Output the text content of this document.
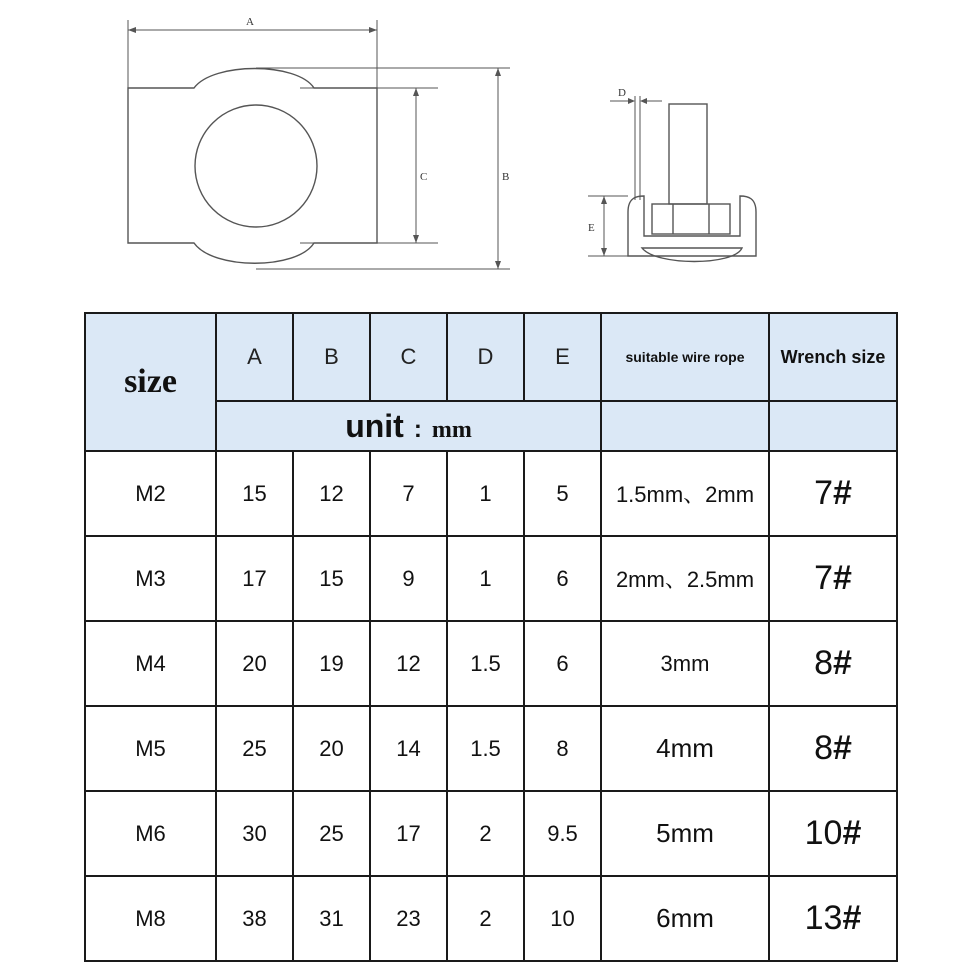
A
C	B
D
E
size	A	B	C	D	E	suitable wire rope	Wrench size
	unit : mm						
M2	15	12	7	1	5	1.5mm、2mm	7#
M3	17	15	9	1	6	2mm、2.5mm	7#
M4	20	19	12	1.5	6	3mm	8#
M5	25	20	14	1.5	8	4mm	8#
M6	30	25	17	2	9.5	5mm	10#
M8	38	31	23	2	10	6mm	13#
